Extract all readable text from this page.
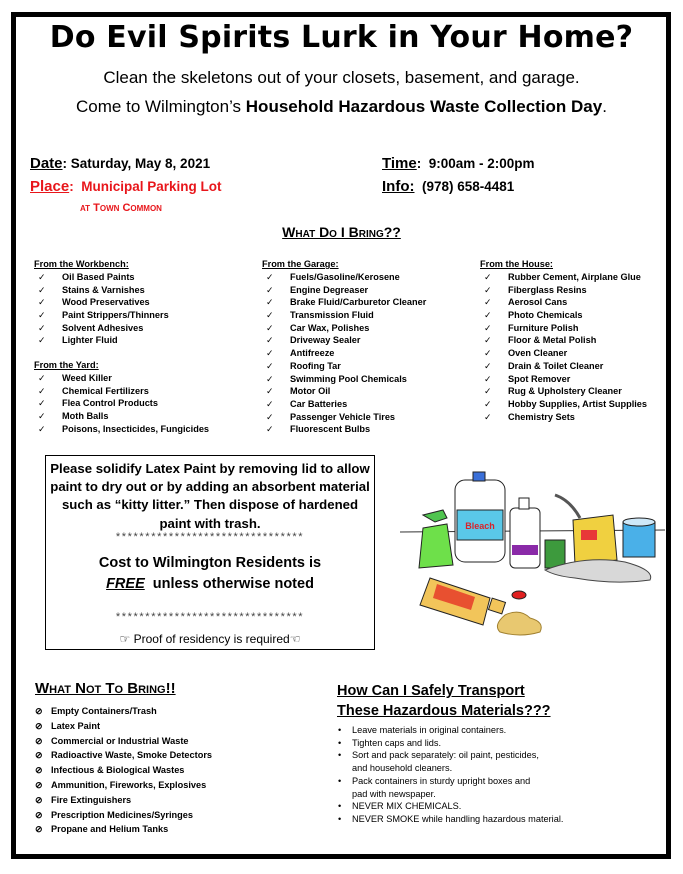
Do Evil Spirits Lurk in Your Home?
Clean the skeletons out of your closets, basement, and garage.
Come to Wilmington’s Household Hazardous Waste Collection Day.
Date: Saturday, May 8, 2021
Place:  Municipal Parking Lot
at Town Common
Time:  9:00am - 2:00pm
Info: (978) 658-4481
What Do I Bring??
From the Workbench:
✓	Oil Based Paints
✓	Stains & Varnishes
✓	Wood Preservatives
✓	Paint Strippers/Thinners
✓	Solvent Adhesives
✓	Lighter Fluid
From the Yard:
✓	Weed Killer
✓	Chemical Fertilizers
✓	Flea Control Products
✓	Moth Balls
✓	Poisons, Insecticides, Fungicides
From the Garage:
✓	Fuels/Gasoline/Kerosene
✓	Engine Degreaser
✓	Brake Fluid/Carburetor Cleaner
✓	Transmission Fluid
✓	Car Wax, Polishes
✓	Driveway Sealer
✓	Antifreeze
✓	Roofing Tar
✓	Swimming Pool Chemicals
✓	Motor Oil
✓	Car Batteries
✓	Passenger Vehicle Tires
✓	Fluorescent Bulbs
From the House:
✓	Rubber Cement, Airplane Glue
✓	Fiberglass Resins
✓	Aerosol Cans
✓	Photo Chemicals
✓	Furniture Polish
✓	Floor & Metal Polish
✓	Oven Cleaner
✓	Drain & Toilet Cleaner
✓	Spot Remover
✓	Rug & Upholstery Cleaner
✓	Hobby Supplies, Artist Supplies
✓	Chemistry Sets
Please solidify Latex Paint by removing lid to allow paint to dry out or by adding an absorbent material such as “kitty litter.” Then dispose of hardened paint with trash.
********************************
Cost to Wilmington Residents is
FREE  unless otherwise noted
********************************
☞ Proof of residency is required☜
Bleach
What Not To Bring!!
⊘ Empty Containers/Trash
⊘ Latex Paint
⊘ Commercial or Industrial Waste
⊘ Radioactive Waste, Smoke Detectors
⊘ Infectious & Biological Wastes
⊘ Ammunition, Fireworks, Explosives
⊘ Fire Extinguishers
⊘ Prescription Medicines/Syringes
⊘ Propane and Helium Tanks
How Can I Safely Transport
These Hazardous Materials???
•	Leave materials in original containers.
•	Tighten caps and lids.
•	Sort and pack separately: oil paint, pesticides, and household cleaners.
•	Pack containers in sturdy upright boxes and pad with newspaper.
•	NEVER MIX CHEMICALS.
•	NEVER SMOKE while handling hazardous material.
